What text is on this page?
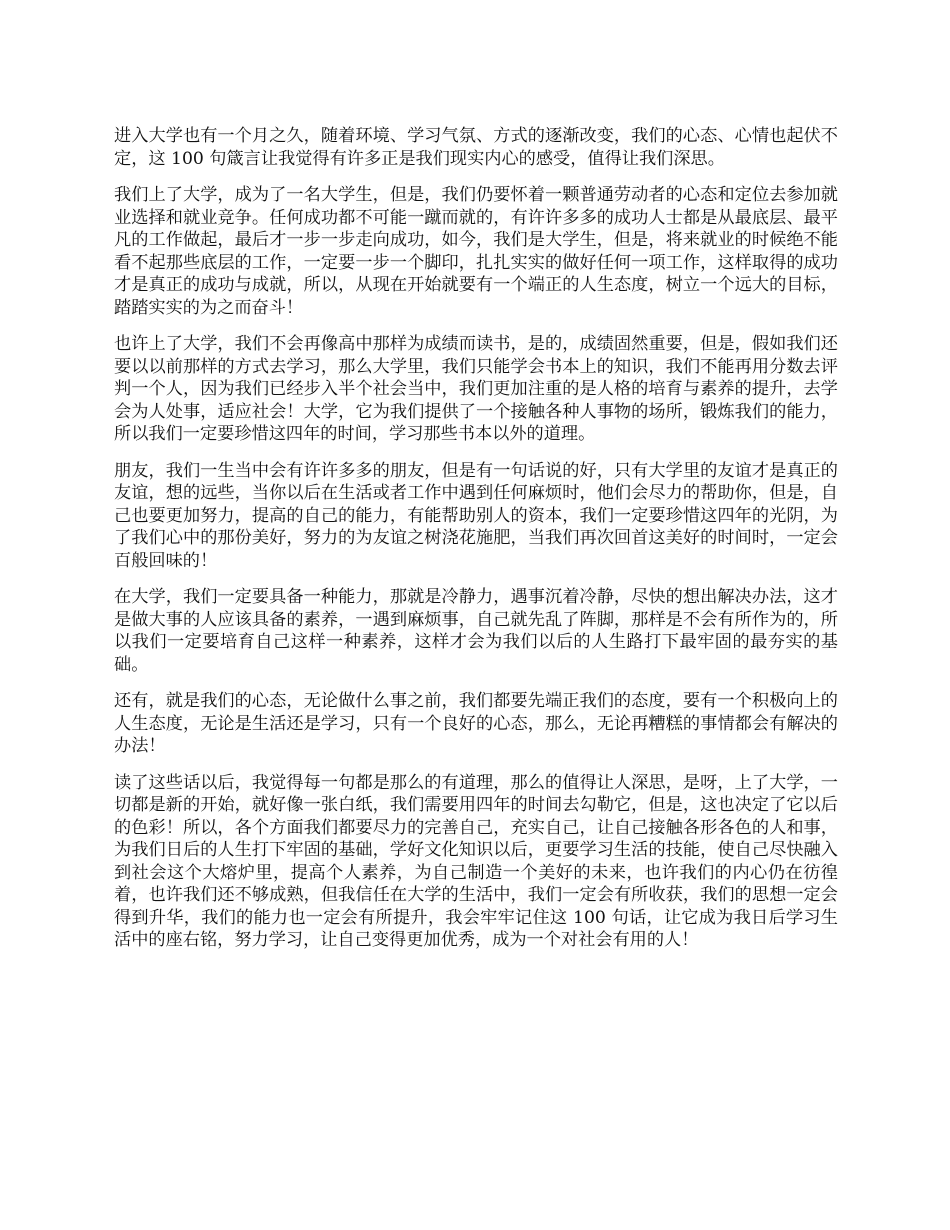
进入大学也有一个月之久，随着环境、学习气氛、方式的逐渐改变，我们的心态、心情也起伏不定，这 100 句箴言让我觉得有许多正是我们现实内心的感受，值得让我们深思。

我们上了大学，成为了一名大学生，但是，我们仍要怀着一颗普通劳动者的心态和定位去参加就业选择和就业竞争。任何成功都不可能一蹴而就的，有许许多多的成功人士都是从最底层、最平凡的工作做起，最后才一步一步走向成功，如今，我们是大学生，但是，将来就业的时候绝不能看不起那些底层的工作，一定要一步一个脚印，扎扎实实的做好任何一项工作，这样取得的成功才是真正的成功与成就，所以，从现在开始就要有一个端正的人生态度，树立一个远大的目标，踏踏实实的为之而奋斗！

也许上了大学，我们不会再像高中那样为成绩而读书，是的，成绩固然重要，但是，假如我们还要以以前那样的方式去学习，那么大学里，我们只能学会书本上的知识，我们不能再用分数去评判一个人，因为我们已经步入半个社会当中，我们更加注重的是人格的培育与素养的提升，去学会为人处事，适应社会！大学，它为我们提供了一个接触各种人事物的场所，锻炼我们的能力，所以我们一定要珍惜这四年的时间，学习那些书本以外的道理。

朋友，我们一生当中会有许许多多的朋友，但是有一句话说的好，只有大学里的友谊才是真正的友谊，想的远些，当你以后在生活或者工作中遇到任何麻烦时，他们会尽力的帮助你，但是，自己也要更加努力，提高的自己的能力，有能帮助别人的资本，我们一定要珍惜这四年的光阴，为了我们心中的那份美好，努力的为友谊之树浇花施肥，当我们再次回首这美好的时间时，一定会百般回味的！

在大学，我们一定要具备一种能力，那就是冷静力，遇事沉着冷静，尽快的想出解决办法，这才是做大事的人应该具备的素养，一遇到麻烦事，自己就先乱了阵脚，那样是不会有所作为的，所以我们一定要培育自己这样一种素养，这样才会为我们以后的人生路打下最牢固的最夯实的基础。

还有，就是我们的心态，无论做什么事之前，我们都要先端正我们的态度，要有一个积极向上的人生态度，无论是生活还是学习，只有一个良好的心态，那么，无论再糟糕的事情都会有解决的办法！

读了这些话以后，我觉得每一句都是那么的有道理，那么的值得让人深思，是呀，上了大学，一切都是新的开始，就好像一张白纸，我们需要用四年的时间去勾勒它，但是，这也决定了它以后的色彩！所以，各个方面我们都要尽力的完善自己，充实自己，让自己接触各形各色的人和事，为我们日后的人生打下牢固的基础，学好文化知识以后，更要学习生活的技能，使自己尽快融入到社会这个大熔炉里，提高个人素养，为自己制造一个美好的未来，也许我们的内心仍在彷徨着，也许我们还不够成熟，但我信任在大学的生活中，我们一定会有所收获，我们的思想一定会得到升华，我们的能力也一定会有所提升，我会牢牢记住这 100 句话，让它成为我日后学习生活中的座右铭，努力学习，让自己变得更加优秀，成为一个对社会有用的人！
